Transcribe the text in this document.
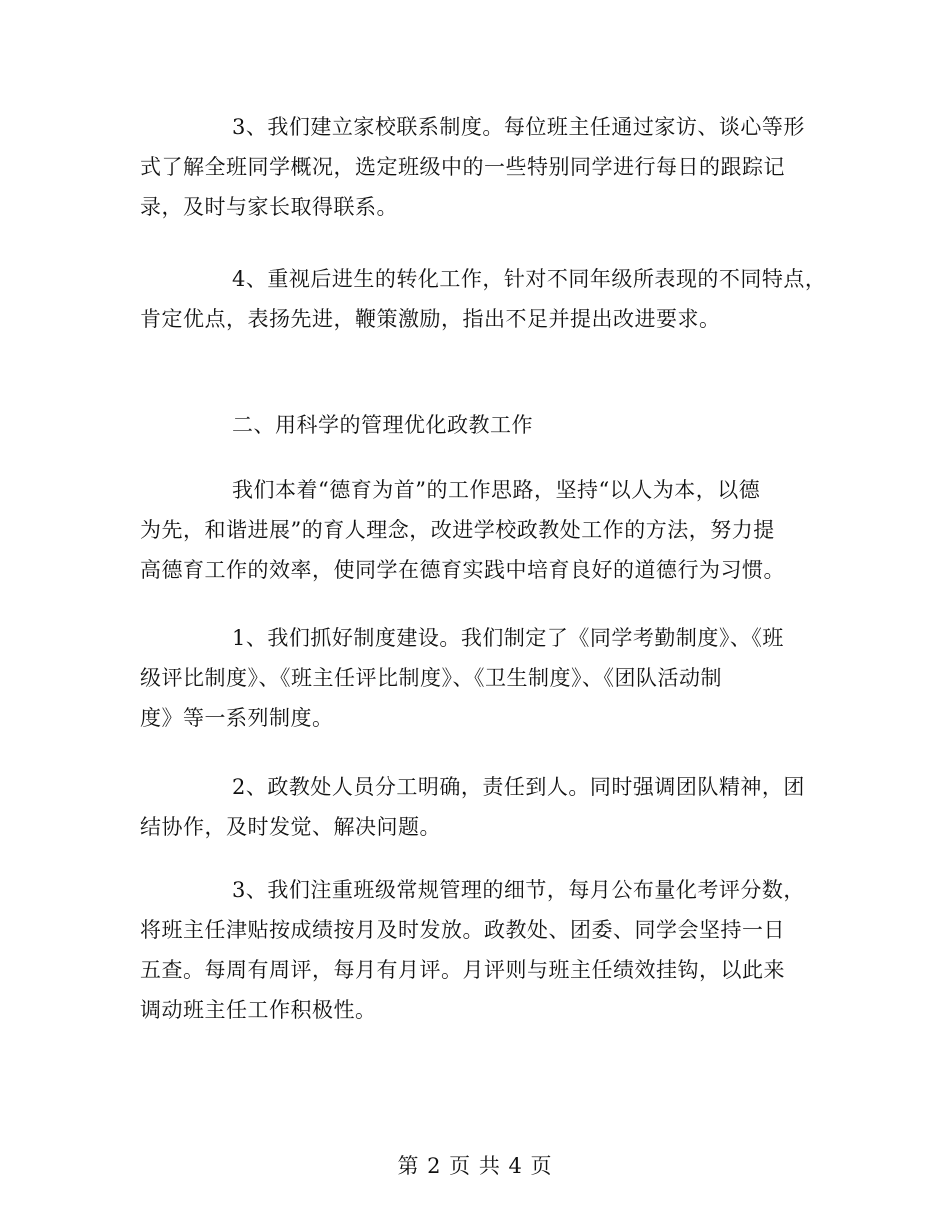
3、我们建立家校联系制度。每位班主任通过家访、谈心等形
式了解全班同学概况，选定班级中的一些特别同学进行每日的跟踪记
录，及时与家长取得联系。
4、重视后进生的转化工作，针对不同年级所表现的不同特点，
肯定优点，表扬先进，鞭策激励，指出不足并提出改进要求。
二、用科学的管理优化政教工作
我们本着“德育为首”的工作思路，坚持“以人为本，以德
为先，和谐进展”的育人理念，改进学校政教处工作的方法，努力提
高德育工作的效率，使同学在德育实践中培育良好的道德行为习惯。
1、我们抓好制度建设。我们制定了《同学考勤制度》、《班
级评比制度》、《班主任评比制度》、《卫生制度》、《团队活动制
度》等一系列制度。
2、政教处人员分工明确，责任到人。同时强调团队精神，团
结协作，及时发觉、解决问题。
3、我们注重班级常规管理的细节，每月公布量化考评分数，
将班主任津贴按成绩按月及时发放。政教处、团委、同学会坚持一日
五查。每周有周评，每月有月评。月评则与班主任绩效挂钩，以此来
调动班主任工作积极性。
第 2 页 共 4 页
